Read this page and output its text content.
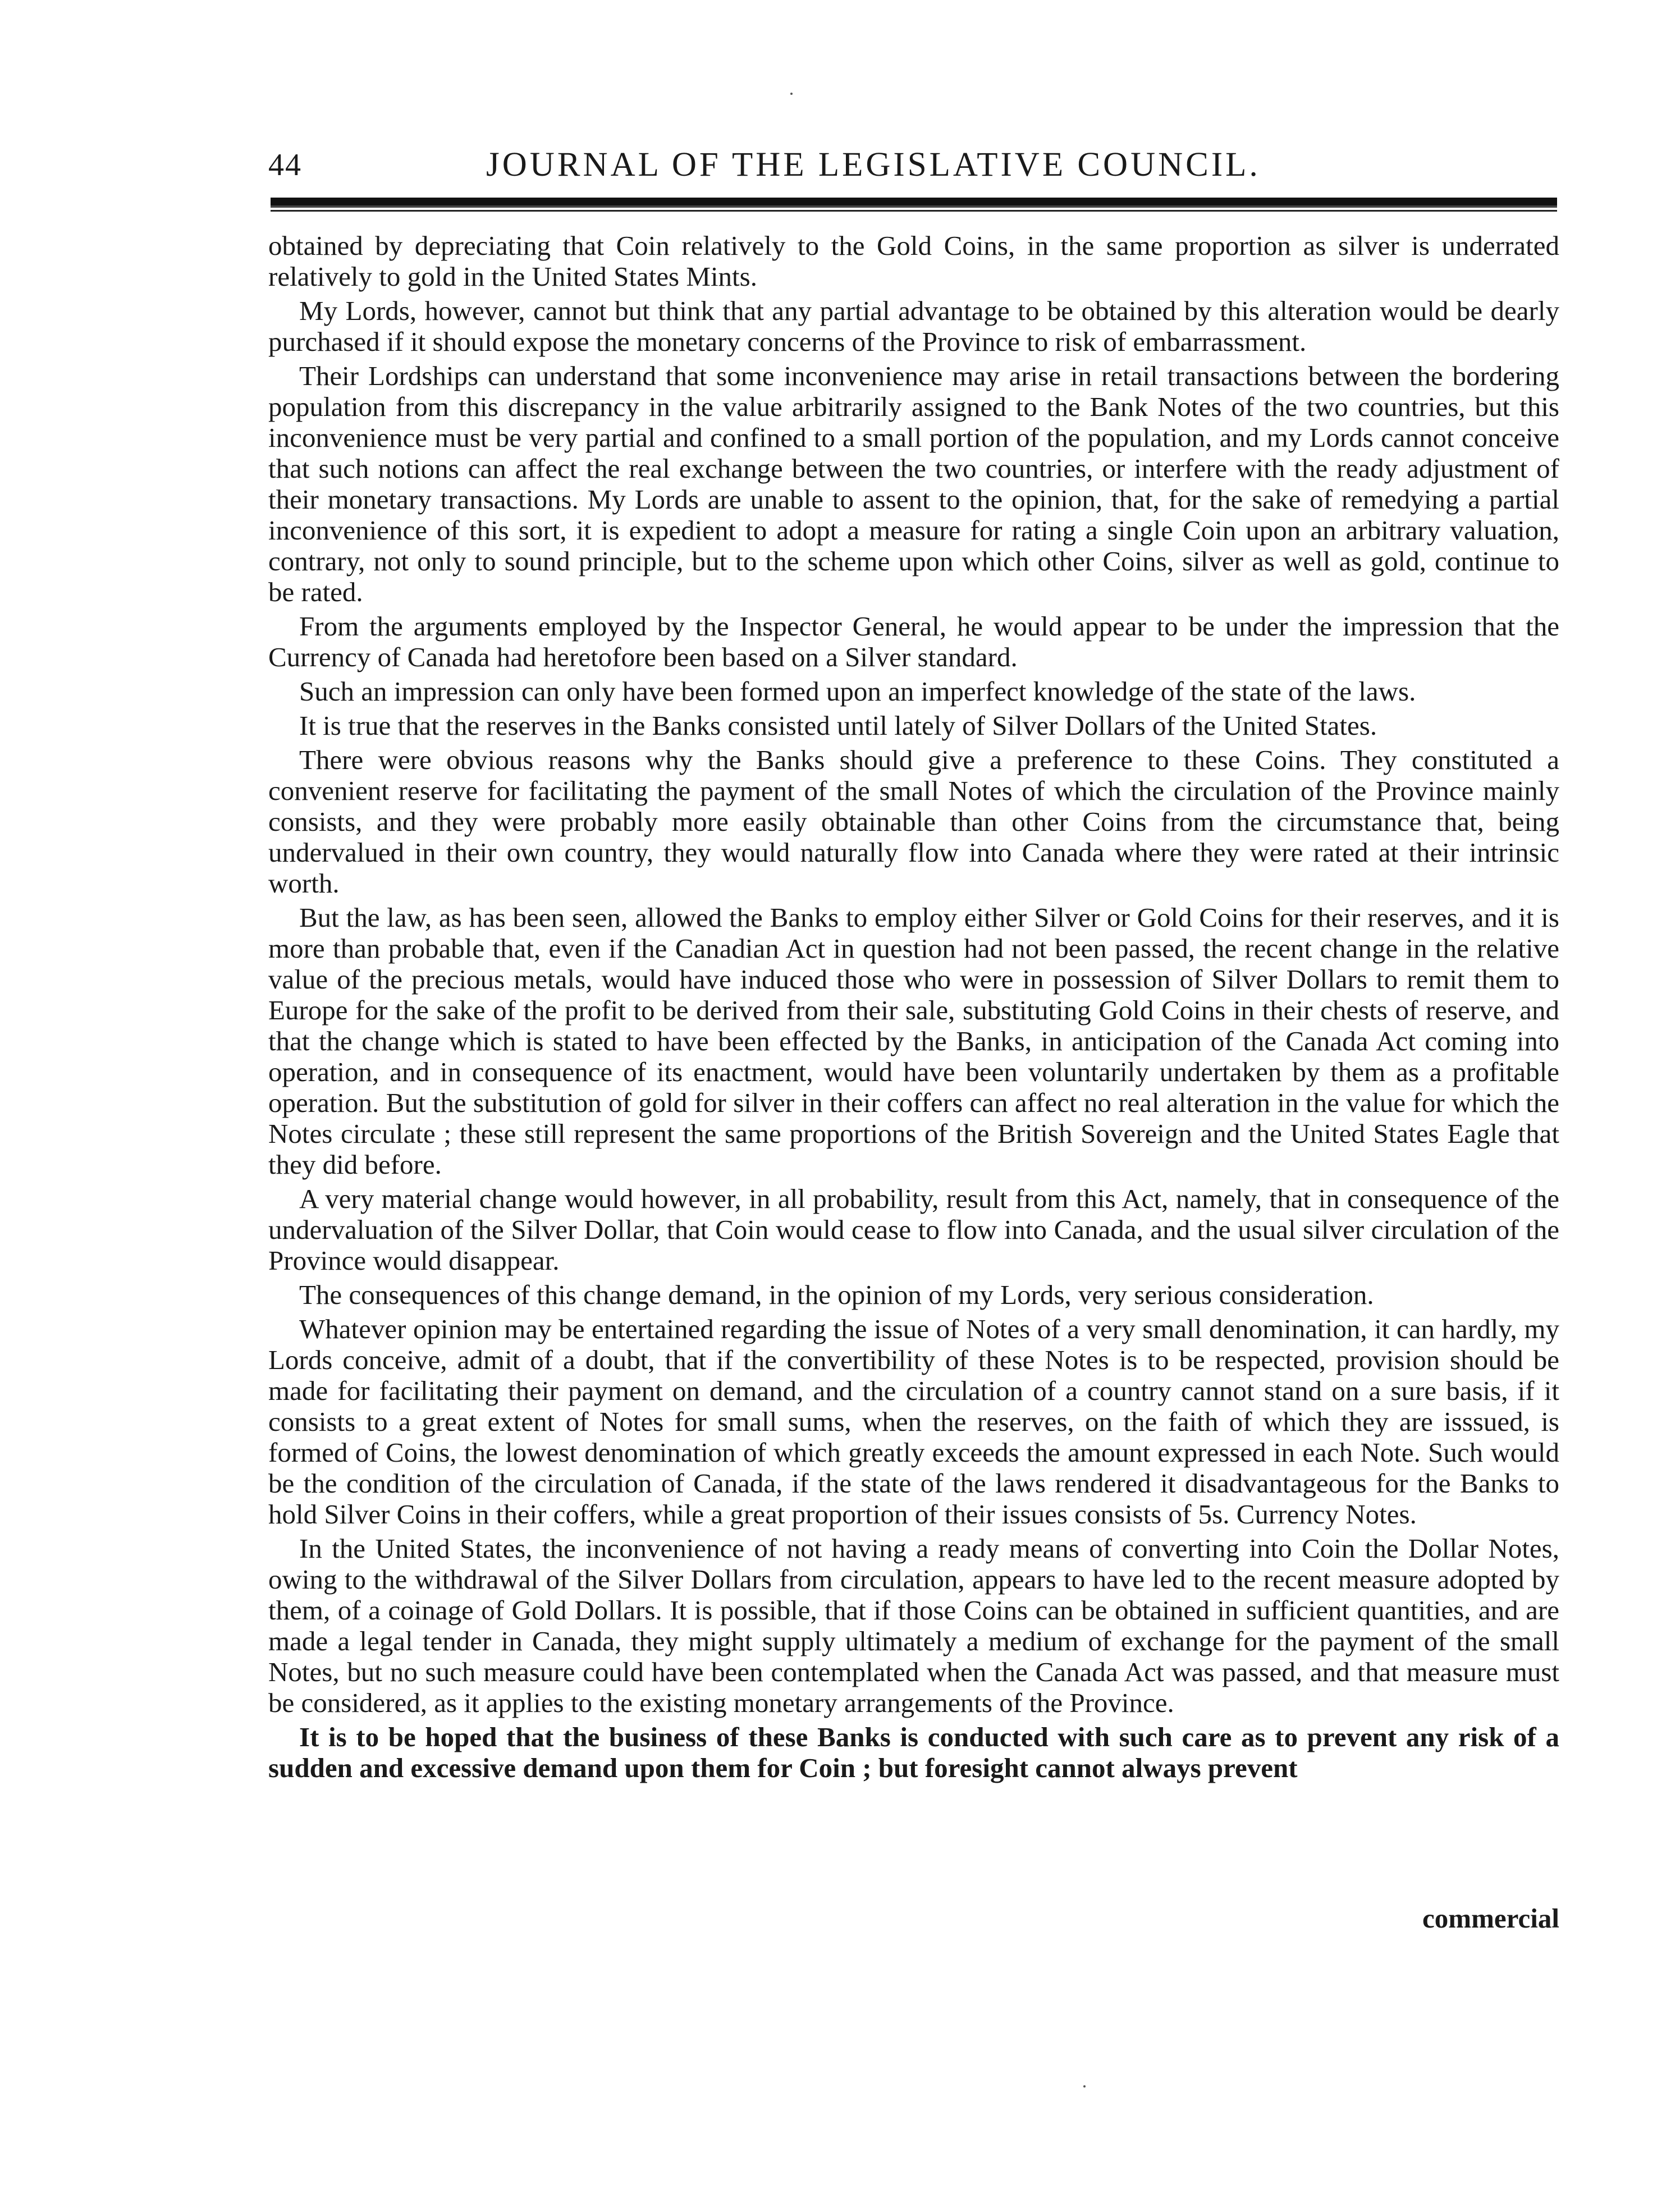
44	JOURNAL OF THE LEGISLATIVE COUNCIL.

obtained by depreciating that Coin relatively to the Gold Coins, in the same proportion as silver is underrated relatively to gold in the United States Mints.

My Lords, however, cannot but think that any partial advantage to be obtained by this alteration would be dearly purchased if it should expose the monetary concerns of the Province to risk of embarrassment.

Their Lordships can understand that some inconvenience may arise in retail transactions between the bordering population from this discrepancy in the value arbitrarily assigned to the Bank Notes of the two countries, but this inconvenience must be very partial and confined to a small portion of the population, and my Lords cannot conceive that such notions can affect the real exchange between the two countries, or interfere with the ready adjustment of their monetary transactions. My Lords are unable to assent to the opinion, that, for the sake of remedying a partial inconvenience of this sort, it is expedient to adopt a measure for rating a single Coin upon an arbitrary valuation, contrary, not only to sound principle, but to the scheme upon which other Coins, silver as well as gold, continue to be rated.

From the arguments employed by the Inspector General, he would appear to be under the impression that the Currency of Canada had heretofore been based on a Silver standard.

Such an impression can only have been formed upon an imperfect knowledge of the state of the laws.

It is true that the reserves in the Banks consisted until lately of Silver Dollars of the United States.

There were obvious reasons why the Banks should give a preference to these Coins. They constituted a convenient reserve for facilitating the payment of the small Notes of which the circulation of the Province mainly consists, and they were probably more easily obtainable than other Coins from the circumstance that, being undervalued in their own country, they would naturally flow into Canada where they were rated at their intrinsic worth.

But the law, as has been seen, allowed the Banks to employ either Silver or Gold Coins for their reserves, and it is more than probable that, even if the Canadian Act in question had not been passed, the recent change in the relative value of the precious metals, would have induced those who were in possession of Silver Dollars to remit them to Europe for the sake of the profit to be derived from their sale, substituting Gold Coins in their chests of reserve, and that the change which is stated to have been effected by the Banks, in anticipation of the Canada Act coming into operation, and in consequence of its enactment, would have been voluntarily undertaken by them as a profitable operation. But the substitution of gold for silver in their coffers can affect no real alteration in the value for which the Notes circulate ; these still represent the same proportions of the British Sovereign and the United States Eagle that they did before.

A very material change would however, in all probability, result from this Act, namely, that in consequence of the undervaluation of the Silver Dollar, that Coin would cease to flow into Canada, and the usual silver circulation of the Province would disappear.

The consequences of this change demand, in the opinion of my Lords, very serious consideration.

Whatever opinion may be entertained regarding the issue of Notes of a very small denomination, it can hardly, my Lords conceive, admit of a doubt, that if the convertibility of these Notes is to be respected, provision should be made for facilitating their payment on demand, and the circulation of a country cannot stand on a sure basis, if it consists to a great extent of Notes for small sums, when the reserves, on the faith of which they are isssued, is formed of Coins, the lowest denomination of which greatly exceeds the amount expressed in each Note. Such would be the condition of the circulation of Canada, if the state of the laws rendered it disadvantageous for the Banks to hold Silver Coins in their coffers, while a great proportion of their issues consists of 5s. Currency Notes.

In the United States, the inconvenience of not having a ready means of converting into Coin the Dollar Notes, owing to the withdrawal of the Silver Dollars from circulation, appears to have led to the recent measure adopted by them, of a coinage of Gold Dollars. It is possible, that if those Coins can be obtained in sufficient quantities, and are made a legal tender in Canada, they might supply ultimately a medium of exchange for the payment of the small Notes, but no such measure could have been contemplated when the Canada Act was passed, and that measure must be considered, as it applies to the existing monetary arrangements of the Province.

It is to be hoped that the business of these Banks is conducted with such care as to prevent any risk of a sudden and excessive demand upon them for Coin ; but foresight cannot always prevent

commercial
